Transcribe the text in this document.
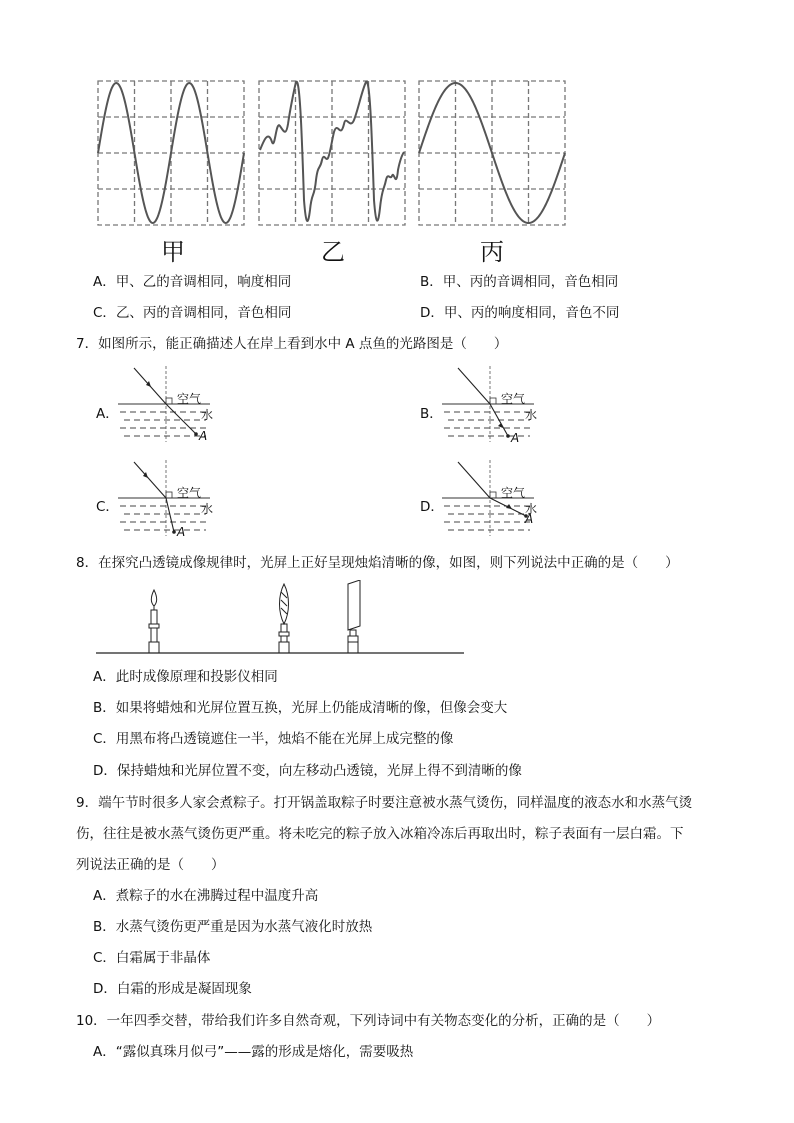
甲	乙	丙
A．甲、乙的音调相同，响度相同	B．甲、丙的音调相同，音色相同
C．乙、丙的音调相同，音色相同	D．甲、丙的响度相同，音色不同
7．如图所示，能正确描述人在岸上看到水中 A 点鱼的光路图是（　　）
A．	B．
C．	D．
空气
水
A
空气
水
A
空气
水
A
空气
水
A
8．在探究凸透镜成像规律时，光屏上正好呈现烛焰清晰的像，如图，则下列说法中正确的是（　　）
A．此时成像原理和投影仪相同
B．如果将蜡烛和光屏位置互换，光屏上仍能成清晰的像，但像会变大
C．用黑布将凸透镜遮住一半，烛焰不能在光屏上成完整的像
D．保持蜡烛和光屏位置不变，向左移动凸透镜，光屏上得不到清晰的像
9．端午节时很多人家会煮粽子。打开锅盖取粽子时要注意被水蒸气烫伤，同样温度的液态水和水蒸气烫
伤，往往是被水蒸气烫伤更严重。将未吃完的粽子放入冰箱冷冻后再取出时，粽子表面有一层白霜。下
列说法正确的是（　　）
A．煮粽子的水在沸腾过程中温度升高
B．水蒸气烫伤更严重是因为水蒸气液化时放热
C．白霜属于非晶体
D．白霜的形成是凝固现象
10．一年四季交替，带给我们许多自然奇观，下列诗词中有关物态变化的分析，正确的是（　　）
A．“露似真珠月似弓”——露的形成是熔化，需要吸热
